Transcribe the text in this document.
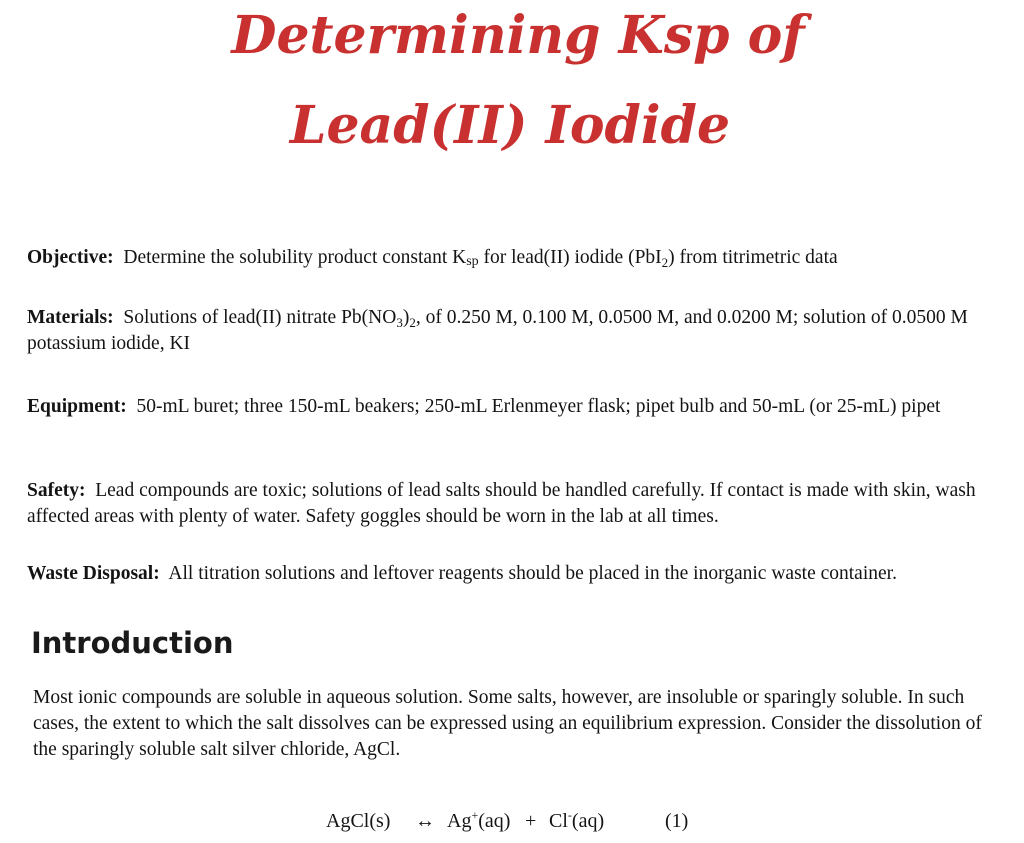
Determining Ksp of
Lead(II) Iodide
Objective: Determine the solubility product constant Ksp for lead(II) iodide (PbI$_2$) from titrimetric data
Materials: Solutions of lead(II) nitrate $Pb(NO_3)_2$, of 0.250 M, 0.100 M, 0.0500 M, and 0.0200 M; solution of 0.0500 M potassium iodide, KI
Equipment: 50-mL buret; three 150-mL beakers; 250-mL Erlenmeyer flask; pipet bulb and 50-mL (or 25-mL) pipet
Safety: Lead compounds are toxic; solutions of lead salts should be handled carefully. If contact is made with skin, wash affected areas with plenty of water. Safety goggles should be worn in the lab at all times.
Waste Disposal: All titration solutions and leftover reagents should be placed in the inorganic waste container.
Introduction
Most ionic compounds are soluble in aqueous solution. Some salts, however, are insoluble or sparingly soluble. In such cases, the extent to which the salt dissolves can be expressed using an equilibrium expression. Consider the dissolution of the sparingly soluble salt silver chloride, AgCl.
AgCl(s) ↔ Ag+(aq) + Cl-(aq)	(1)
